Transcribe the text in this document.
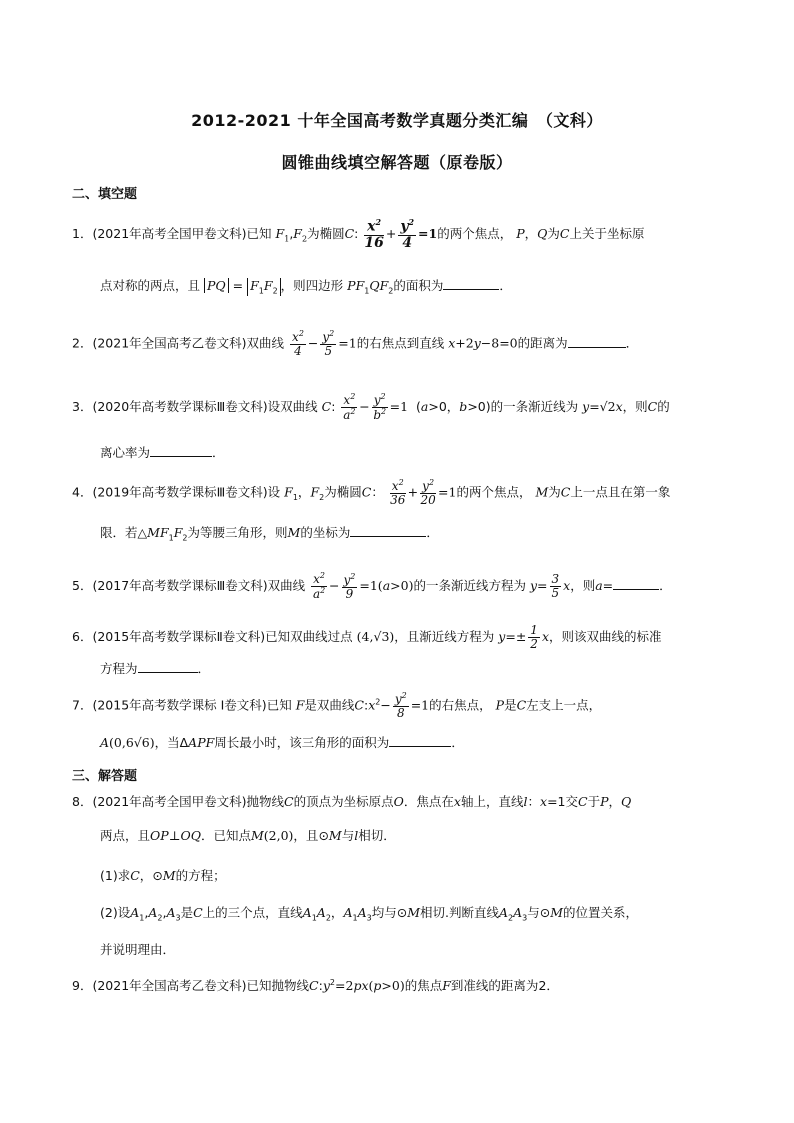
2012-2021 十年全国高考数学真题分类汇编　（文科）
圆锥曲线填空解答题（原卷版）
二、填空题
1．(2021年高考全国甲卷文科)已知 $F_1,F_2$为椭圆C: $\frac{x^2}{16} + \frac{y^2}{4} =1$的两个焦点， P，Q为C上关于坐标原
点对称的两点，且 PQ = $F_1F_2$ ，则四边形 $PF_1QF_2$的面积为	．
2．(2021年全国高考乙卷文科)双曲线 $\frac{x^2}{4} - \frac{y^2}{5} =1$的右焦点到直线 x+2y−8=0的距离为	．
3．(2020年高考数学课标Ⅲ卷文科)设双曲线 C: $\frac{x^2}{a^2} - \frac{y^2}{b^2} =1$  (a>0，b>0)的一条渐近线为 y=√2x，则C的
离心率为	．
4．(2019年高考数学课标Ⅲ卷文科)设 $F_1$，$F_2$为椭圆C： $\frac{x^2}{36} + \frac{y^2}{20} =1$的两个焦点， M为C上一点且在第一象
限．若$\triangle MF_1F_2$为等腰三角形，则M的坐标为	．
5．(2017年高考数学课标Ⅲ卷文科)双曲线 $\frac{x^2}{a^2} - \frac{y^2}{9} =1(a>0)$的一条渐近线方程为 $y= \frac{3}{5}$ x，则a=	．
6．(2015年高考数学课标Ⅱ卷文科)已知双曲线过点 (4,√3)，且渐近线方程为 $y=\pm \frac{1}{2}$ x，则该双曲线的标准
方程为	．
7．(2015年高考数学课标 Ⅰ卷文科)已知 F是双曲线$C:x^2- \frac{y^2}{8} =1$的右焦点， P是C左支上一点，
A(0,6√6)，当ΔAPF周长最小时，该三角形的面积为	．
三、解答题
8．(2021年高考全国甲卷文科)抛物线C的顶点为坐标原点O．焦点在x轴上，直线l：x=1交C于P，Q
两点，且OP⊥OQ．已知点M(2,0)，且⊙M与l相切．
(1)求C，⊙M的方程；
(2)设$A_1,A_2,A_3$是C上的三个点，直线$A_1A_2$，$A_1A_3$均与⊙M相切.判断直线$A_2A_3$与⊙M的位置关系，
并说明理由．
9．(2021年全国高考乙卷文科)已知抛物线$C:y^2=2px(p>0)$的焦点F到准线的距离为2．
